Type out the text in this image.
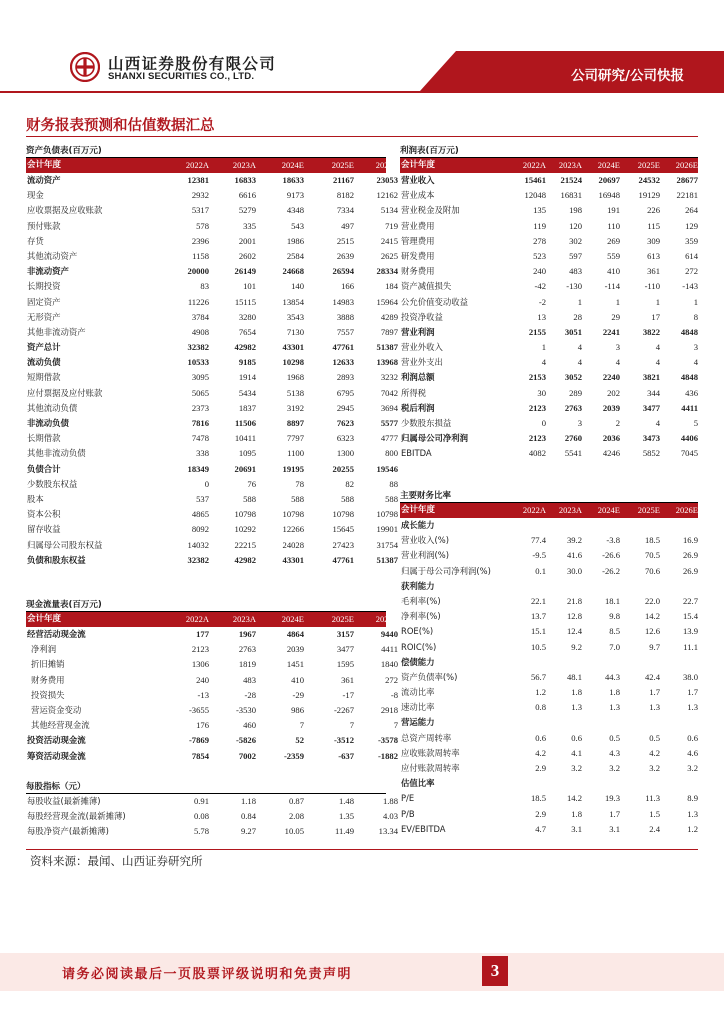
山西证券股份有限公司
SHANXI SECURITIES CO., LTD.	公司研究/公司快报
财务报表预测和估值数据汇总
资产负债表(百万元)
会计年度	2022A	2023A	2024E	2025E	2026E
流动资产	12381	16833	18633	21167	23053
现金	2932	6616	9173	8182	12162
应收票据及应收账款	5317	5279	4348	7334	5134
预付账款	578	335	543	497	719
存货	2396	2001	1986	2515	2415
其他流动资产	1158	2602	2584	2639	2625
非流动资产	20000	26149	24668	26594	28334
长期投资	83	101	140	166	184
固定资产	11226	15115	13854	14983	15964
无形资产	3784	3280	3543	3888	4289
其他非流动资产	4908	7654	7130	7557	7897
资产总计	32382	42982	43301	47761	51387
流动负债	10533	9185	10298	12633	13968
短期借款	3095	1914	1968	2893	3232
应付票据及应付账款	5065	5434	5138	6795	7042
其他流动负债	2373	1837	3192	2945	3694
非流动负债	7816	11506	8897	7623	5577
长期借款	7478	10411	7797	6323	4777
其他非流动负债	338	1095	1100	1300	800
负债合计	18349	20691	19195	20255	19546
少数股东权益	0	76	78	82	88
股本	537	588	588	588	588
资本公积	4865	10798	10798	10798	10798
留存收益	8092	10292	12266	15645	19901
归属母公司股东权益	14032	22215	24028	27423	31754
负债和股东权益	32382	42982	43301	47761	51387
利润表(百万元)
会计年度	2022A	2023A	2024E	2025E	2026E
营业收入	15461	21524	20697	24532	28677
营业成本	12048	16831	16948	19129	22181
营业税金及附加	135	198	191	226	264
营业费用	119	120	110	115	129
管理费用	278	302	269	309	359
研发费用	523	597	559	613	614
财务费用	240	483	410	361	272
资产减值损失	-42	-130	-114	-110	-143
公允价值变动收益	-2	1	1	1	1
投资净收益	13	28	29	17	8
营业利润	2155	3051	2241	3822	4848
营业外收入	1	4	3	4	3
营业外支出	4	4	4	4	4
利润总额	2153	3052	2240	3821	4848
所得税	30	289	202	344	436
税后利润	2123	2763	2039	3477	4411
少数股东损益	0	3	2	4	5
归属母公司净利润	2123	2760	2036	3473	4406
EBITDA	4082	5541	4246	5852	7045
主要财务比率
会计年度	2022A	2023A	2024E	2025E	2026E
成长能力
营业收入(%)	77.4	39.2	-3.8	18.5	16.9
营业利润(%)	-9.5	41.6	-26.6	70.5	26.9
归属于母公司净利润(%)	0.1	30.0	-26.2	70.6	26.9
获利能力
毛利率(%)	22.1	21.8	18.1	22.0	22.7
净利率(%)	13.7	12.8	9.8	14.2	15.4
ROE(%)	15.1	12.4	8.5	12.6	13.9
ROIC(%)	10.5	9.2	7.0	9.7	11.1
偿债能力
资产负债率(%)	56.7	48.1	44.3	42.4	38.0
流动比率	1.2	1.8	1.8	1.7	1.7
速动比率	0.8	1.3	1.3	1.3	1.3
营运能力
总资产周转率	0.6	0.6	0.5	0.5	0.6
应收账款周转率	4.2	4.1	4.3	4.2	4.6
应付账款周转率	2.9	3.2	3.2	3.2	3.2
估值比率
P/E	18.5	14.2	19.3	11.3	8.9
P/B	2.9	1.8	1.7	1.5	1.3
EV/EBITDA	4.7	3.1	3.1	2.4	1.2
现金流量表(百万元)
会计年度	2022A	2023A	2024E	2025E	2026E
经营活动现金流	177	1967	4864	3157	9440
净利润	2123	2763	2039	3477	4411
折旧摊销	1306	1819	1451	1595	1840
财务费用	240	483	410	361	272
投资损失	-13	-28	-29	-17	-8
营运资金变动	-3655	-3530	986	-2267	2918
其他经营现金流	176	460	7	7	7
投资活动现金流	-7869	-5826	52	-3512	-3578
筹资活动现金流	7854	7002	-2359	-637	-1882
每股指标（元）
每股收益(最新摊薄)	0.91	1.18	0.87	1.48	1.88
每股经营现金流(最新摊薄)	0.08	0.84	2.08	1.35	4.03
每股净资产(最新摊薄)	5.78	9.27	10.05	11.49	13.34
资料来源：最闻、山西证券研究所
请务必阅读最后一页股票评级说明和免责声明	3
